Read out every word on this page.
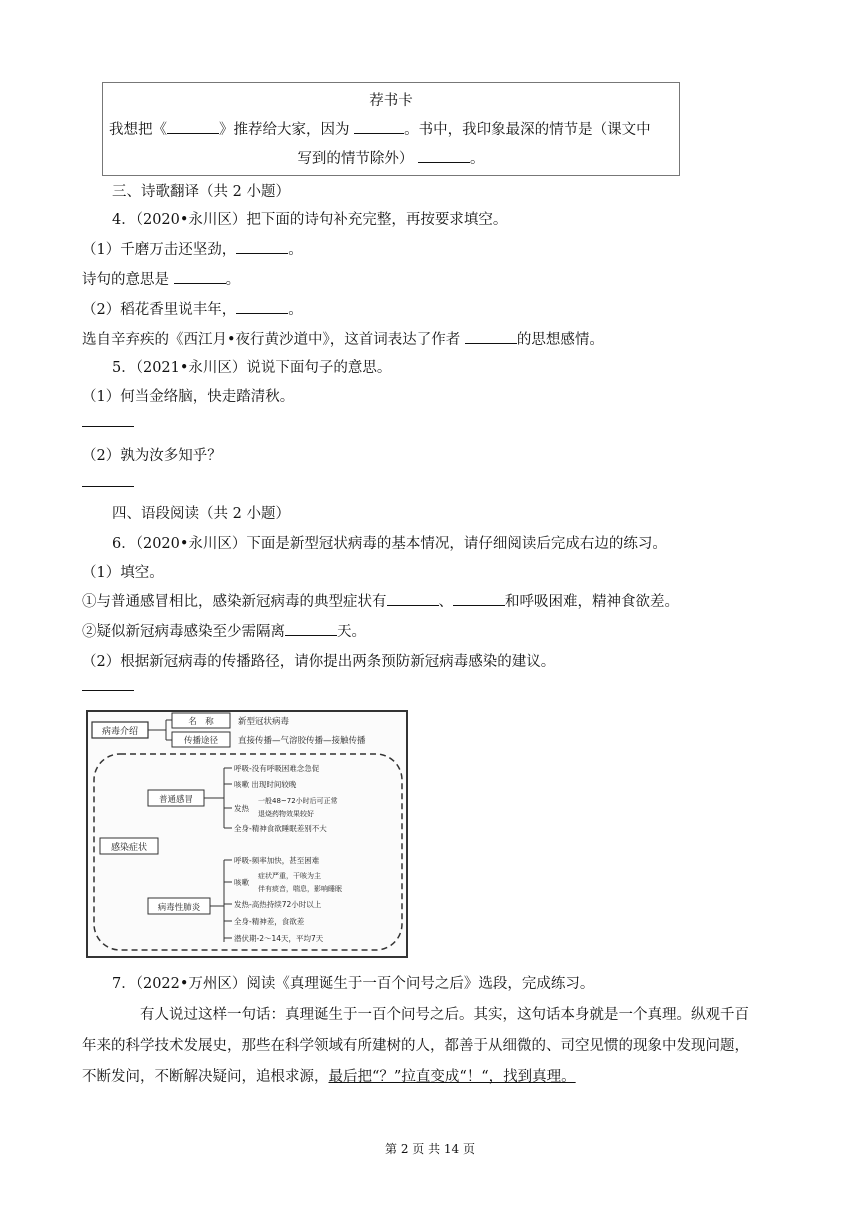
荐书卡
我想把《	》推荐给大家，因为	。书中，我印象最深的情节是（课文中
写到的情节除外）	。
三、诗歌翻译（共 2 小题）
4．（2020•永川区）把下面的诗句补充完整，再按要求填空。
（1）千磨万击还坚劲，	。
诗句的意思是	。
（2）稻花香里说丰年，	。
选自辛弃疾的《西江月•夜行黄沙道中》，这首词表达了作者	的思想感情。
5．（2021•永川区）说说下面句子的意思。
（1）何当金络脑，快走踏清秋。
（2）孰为汝多知乎？
四、语段阅读（共 2 小题）
6．（2020•永川区）下面是新型冠状病毒的基本情况，请仔细阅读后完成右边的练习。
（1）填空。
①与普通感冒相比，感染新冠病毒的典型症状有	、	和呼吸困难，精神食欲差。
②疑似新冠病毒感染至少需隔离	天。
（2）根据新冠病毒的传播路径，请你提出两条预防新冠病毒感染的建议。
病毒介绍
名　称	新型冠状病毒
传播途径 直接传播—气溶胶传播—接触传播
普通感冒
呼吸-没有呼吸困难念急促
咳嗽 出现时间较晚
发热
一般48~72小时后可正常
退烧药物效果较好
全身-精神食欲睡眠差别不大
感染症状
病毒性肺炎
呼吸-频率加快，甚至困难
咳嗽
症状严重，干咳为主
伴有痰音，喘息，影响睡眠
发热-高热持续72小时以上
全身-精神差，食欲差
潜伏期-2～14天，平均7天
7．（2022•万州区）阅读《真理诞生于一百个问号之后》选段，完成练习。
有人说过这样一句话：真理诞生于一百个问号之后。其实，这句话本身就是一个真理。纵观千百
年来的科学技术发展史，那些在科学领域有所建树的人，都善于从细微的、司空见惯的现象中发现问题，
不断发问，不断解决疑问，追根求源，最后把“？”拉直变成“！“，找到真理。
第 2 页 共 14 页
